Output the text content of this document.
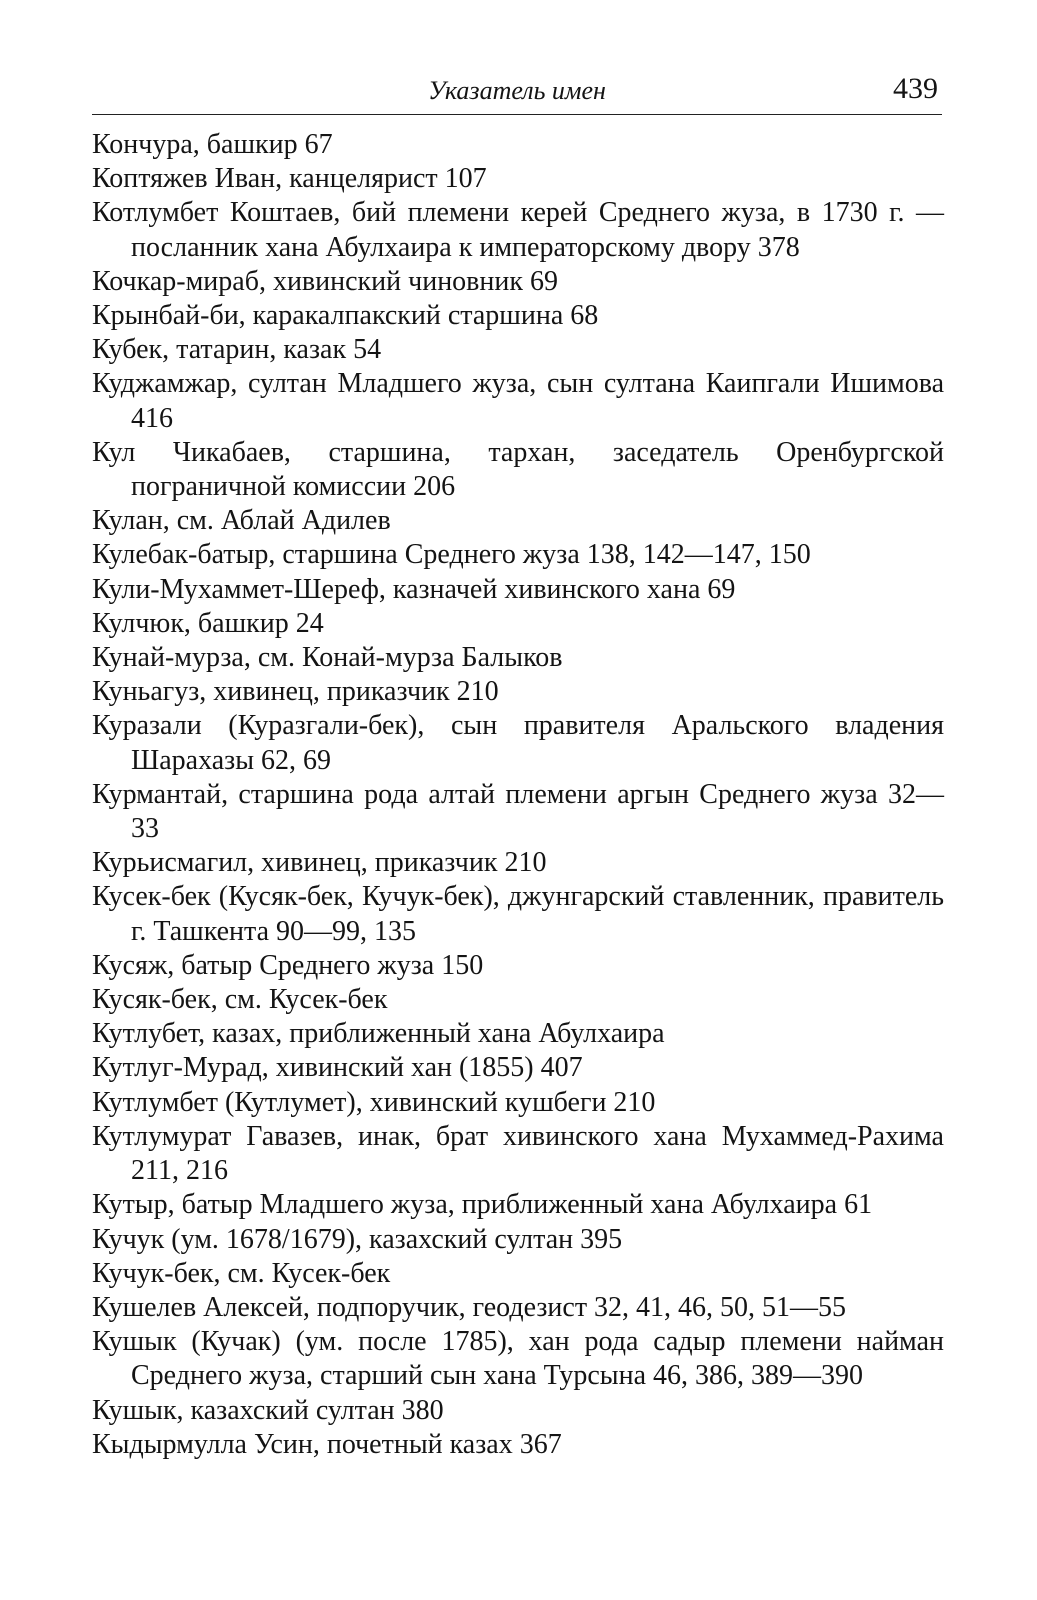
Указатель имен	439
Кончура, башкир 67
Коптяжев Иван, канцелярист 107
Котлумбет Коштаев, бий племени керей Среднего жуза, в 1730 г. — посланник хана Абулхаира к императорскому двору 378
Кочкар-мираб, хивинский чиновник 69
Крынбай-би, каракалпакский старшина 68
Кубек, татарин, казак 54
Куджамжар, султан Младшего жуза, сын султана Каипгали Ишимова 416
Кул Чикабаев, старшина, тархан, заседатель Оренбургской пограничной комиссии 206
Кулан, см. Аблай Адилев
Кулебак-батыр, старшина Среднего жуза 138, 142—147, 150
Кули-Мухаммет-Шереф, казначей хивинского хана 69
Кулчюк, башкир 24
Кунай-мурза, см. Конай-мурза Балыков
Куньагуз, хивинец, приказчик 210
Куразали (Куразгали-бек), сын правителя Аральского владения Шарахазы 62, 69
Курмантай, старшина рода алтай племени аргын Среднего жуза 32—33
Курьисмагил, хивинец, приказчик 210
Кусек-бек (Кусяк-бек, Кучук-бек), джунгарский ставленник, правитель г. Ташкента 90—99, 135
Кусяж, батыр Среднего жуза 150
Кусяк-бек, см. Кусек-бек
Кутлубет, казах, приближенный хана Абулхаира
Кутлуг-Мурад, хивинский хан (1855) 407
Кутлумбет (Кутлумет), хивинский кушбеги 210
Кутлумурат Гавазев, инак, брат хивинского хана Мухаммед-Рахима 211, 216
Кутыр, батыр Младшего жуза, приближенный хана Абулхаира 61
Кучук (ум. 1678/1679), казахский султан 395
Кучук-бек, см. Кусек-бек
Кушелев Алексей, подпоручик, геодезист 32, 41, 46, 50, 51—55
Кушык (Кучак) (ум. после 1785), хан рода садыр племени найман Среднего жуза, старший сын хана Турсына 46, 386, 389—390
Кушык, казахский султан 380
Кыдырмулла Усин, почетный казах 367
